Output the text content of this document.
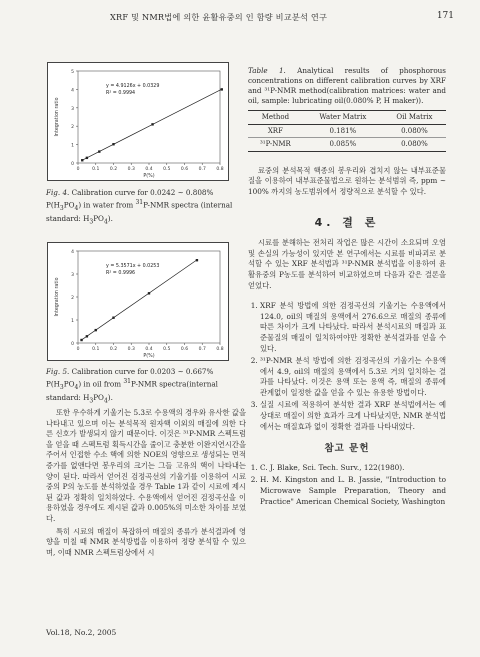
XRF 및 NMR법에 의한 윤활유중의 인 함량 비교분석 연구	171
0
1
2
3
4
5
0	0.1 0.2 0.3 0.4 0.5 0.6 0.7 0.8
P(%)
Integration ratio
y = 4.9126x + 0.0329
R² = 0.9994
Fig. 4. Calibration curve for 0.0242 ~ 0.808% $P(H_3PO_4)$ in water from $^{31}$P-NMR spectra (internal standard: $H_3PO_4$).
0
1
2
3
4
0	0.1 0.2 0.3 0.4 0.5 0.6 0.7 0.8
P(%)
Integration ratio
y = 5.3571x + 0.0253
R² = 0.9996
Fig. 5. Calibration curve for 0.0203 ~ 0.667% $P(H_3PO_4)$ in oil from $^{31}$P-NMR spectra(internal standard: $H_3PO_4$).

또한 우수하게 기울기는 5.3로 수용액의 경우와 유사한 값을 나타내고 있으며 이는 분석목적 원자핵 이외의 매질에 의한 다른 신호가 발생되지 않기 때문이다. 이것은 ³¹P-NMR 스펙트럼을 얻을 때 스펙트럼 획득시간을 줄이고 충분한 이완지연시간을 주어서 인접한 수소 핵에 의한 NOE의 영향으로 생성되는 면적증가를 없앤다면 봉우리의 크기는 그들 고유의 핵이 나타내는 양이 된다. 따라서 얻어진 검정곡선의 기울기를 이용하여 시료중의 P의 농도를 분석하였을 경우 Table 1과 같이 시료에 제시된 값과 정확히 일치하였다. 수용액에서 얻어진 검정곡선을 이용하였을 경우에도 제시된 값과 0.005%의 미소한 차이를 보였다.

특히 시료의 매질이 복잡하여 매질의 종류가 분석결과에 영향을 미칠 때 NMR 분석방법을 이용하여 정량 분석할 수 있으며, 이때 NMR 스펙트럼상에서 시

Table 1. Analytical results of phosphorous concentrations on different calibration curves by XRF and ³¹P-NMR method(calibration matrices: water and oil, sample: lubricating oil(0.080% P, H maker)).
Method	Water Matrix	Oil Matrix
XRF	0.181%	0.080%
³¹P-NMR	0.085%	0.080%

료중의 분석목적 핵종의 봉우리와 겹치지 않는 내부표준물질을 이용하여 내부표준물법으로 원하는 분석범위 즉, ppm ~ 100% 까지의 농도범위에서 정량적으로 분석할 수 있다.

4. 결 론

시료를 분해하는 전처리 작업은 많은 시간이 소요되며 오염 및 손실의 가능성이 있지만 본 연구에서는 시료를 비파괴로 분석할 수 있는 XRF 분석법과 ³¹P-NMR 분석법을 이용하여 윤활유중의 P농도를 분석하여 비교하였으며 다음과 같은 결론을 얻었다.

1. XRF 분석 방법에 의한 검정곡선의 기울기는 수용액에서 124.0, oil의 매질의 용액에서 276.6으로 매질의 종류에 따른 차이가 크게 나타났다. 따라서 분석시료의 매질과 표준물질의 매질이 일치하여야만 정확한 분석결과를 얻을 수 있다.
2. ³¹P-NMR 분석 방법에 의한 검정곡선의 기울기는 수용액에서 4.9, oil의 매질의 용액에서 5.3로 거의 일치하는 결과를 나타났다. 이것은 용액 또는 용액 즉, 매질의 종류에 관계없이 일정한 값을 얻을 수 있는 유용한 방법이다.
3. 실질 시료에 적용하여 분석한 결과 XRF 분석법에서는 예상대로 매질이 의한 효과가 크게 나타났지만, NMR 분석법에서는 매질효과 없이 정확한 결과를 나타내었다.
참고 문헌
1. C. J. Blake, Sci. Tech. Surv., 122(1980).
2. H. M. Kingston and L. B. Jassie, "Introduction to Microwave Sample Preparation, Theory and Practice" American Chemical Society, Washington
Vol.18, No.2, 2005
